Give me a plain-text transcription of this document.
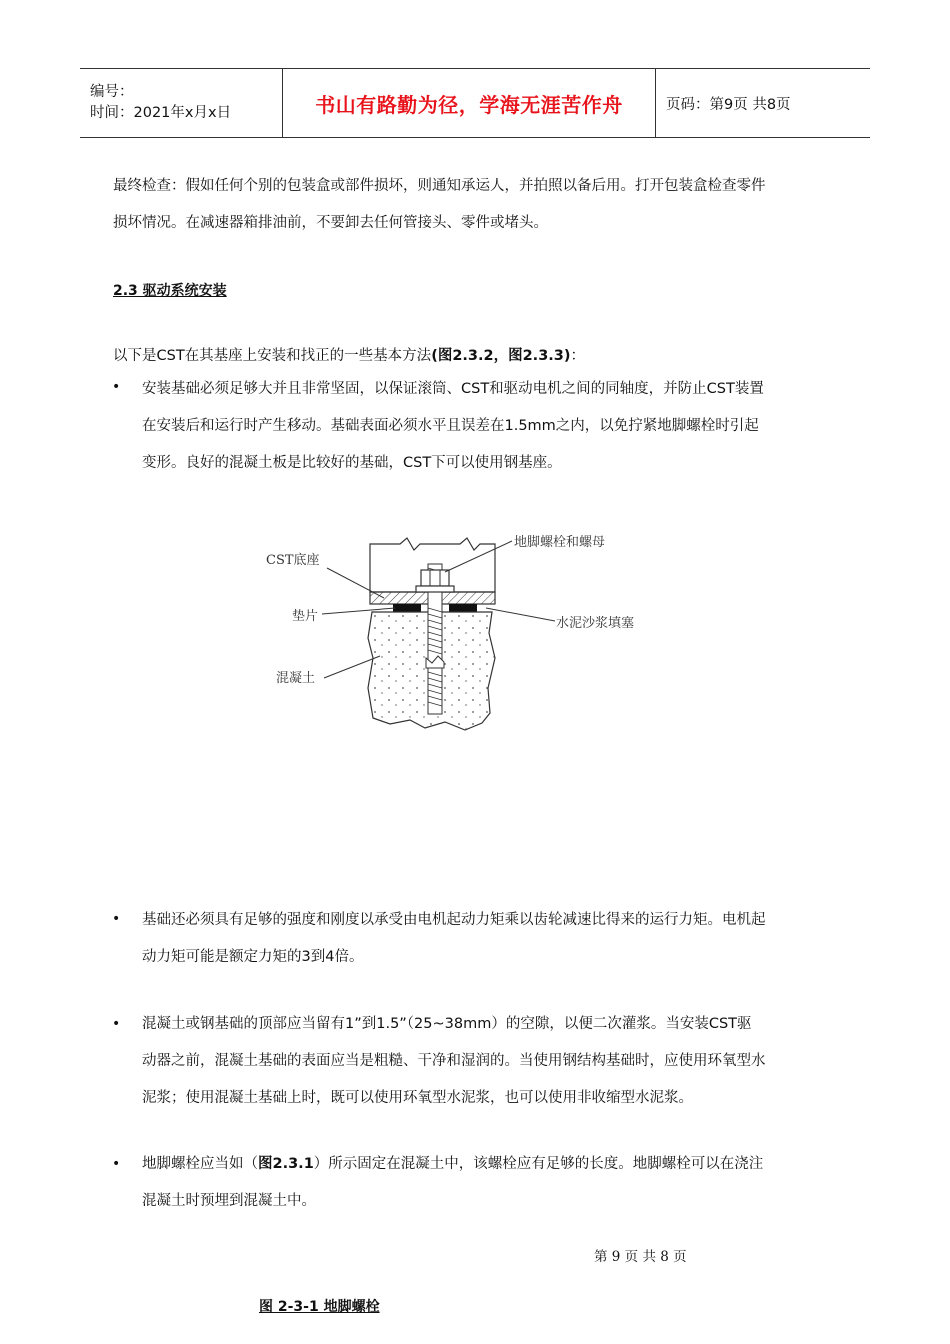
编号：
时间：2021年x月x日	书山有路勤为径，学海无涯苦作舟	页码：第9页 共8页
最终检查：假如任何个别的包装盒或部件损坏，则通知承运人，并拍照以备后用。打开包装盒检查零件
损坏情况。在减速器箱排油前，不要卸去任何管接头、零件或堵头。
2.3 驱动系统安装
以下是CST在其基座上安装和找正的一些基本方法(图2.3.2，图2.3.3)：
• 安装基础必须足够大并且非常坚固，以保证滚筒、CST和驱动电机之间的同轴度，并防止CST装置
在安装后和运行时产生移动。基础表面必须水平且误差在1.5mm之内，以免拧紧地脚螺栓时引起
变形。良好的混凝土板是比较好的基础，CST下可以使用钢基座。
CST底座
地脚螺栓和螺母
垫片	水泥沙浆填塞
混凝土
• 基础还必须具有足够的强度和刚度以承受由电机起动力矩乘以齿轮减速比得来的运行力矩。电机起
动力矩可能是额定力矩的3到4倍。
• 混凝土或钢基础的顶部应当留有1”到1.5”（25~38mm）的空隙，以便二次灌浆。当安装CST驱
动器之前，混凝土基础的表面应当是粗糙、干净和湿润的。当使用钢结构基础时，应使用环氧型水
泥浆；使用混凝土基础上时，既可以使用环氧型水泥浆，也可以使用非收缩型水泥浆。
• 地脚螺栓应当如（图2.3.1）所示固定在混凝土中，该螺栓应有足够的长度。地脚螺栓可以在浇注
混凝土时预埋到混凝土中。
第 9 页 共 8 页
图 2-3-1 地脚螺栓
